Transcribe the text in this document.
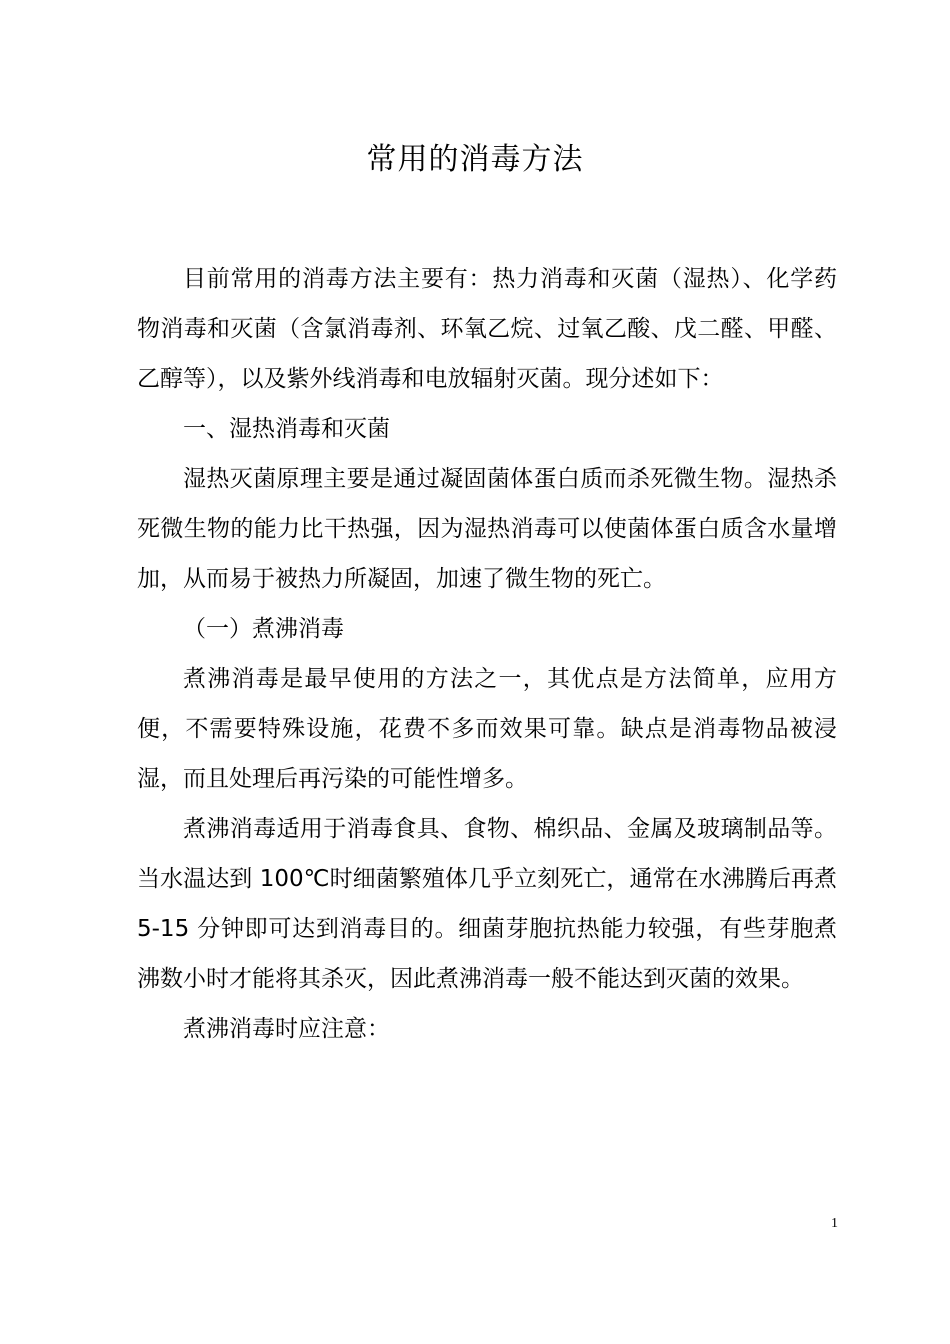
常用的消毒方法

目前常用的消毒方法主要有：热力消毒和灭菌（湿热）、化学药物消毒和灭菌（含氯消毒剂、环氧乙烷、过氧乙酸、戊二醛、甲醛、乙醇等），以及紫外线消毒和电放辐射灭菌。现分述如下：

一、湿热消毒和灭菌

湿热灭菌原理主要是通过凝固菌体蛋白质而杀死微生物。湿热杀死微生物的能力比干热强，因为湿热消毒可以使菌体蛋白质含水量增加，从而易于被热力所凝固，加速了微生物的死亡。

（一）煮沸消毒

煮沸消毒是最早使用的方法之一，其优点是方法简单，应用方便，不需要特殊设施，花费不多而效果可靠。缺点是消毒物品被浸湿，而且处理后再污染的可能性增多。

煮沸消毒适用于消毒食具、食物、棉织品、金属及玻璃制品等。当水温达到 100℃时细菌繁殖体几乎立刻死亡，通常在水沸腾后再煮 5-15 分钟即可达到消毒目的。细菌芽胞抗热能力较强，有些芽胞煮沸数小时才能将其杀灭，因此煮沸消毒一般不能达到灭菌的效果。

煮沸消毒时应注意：

1
